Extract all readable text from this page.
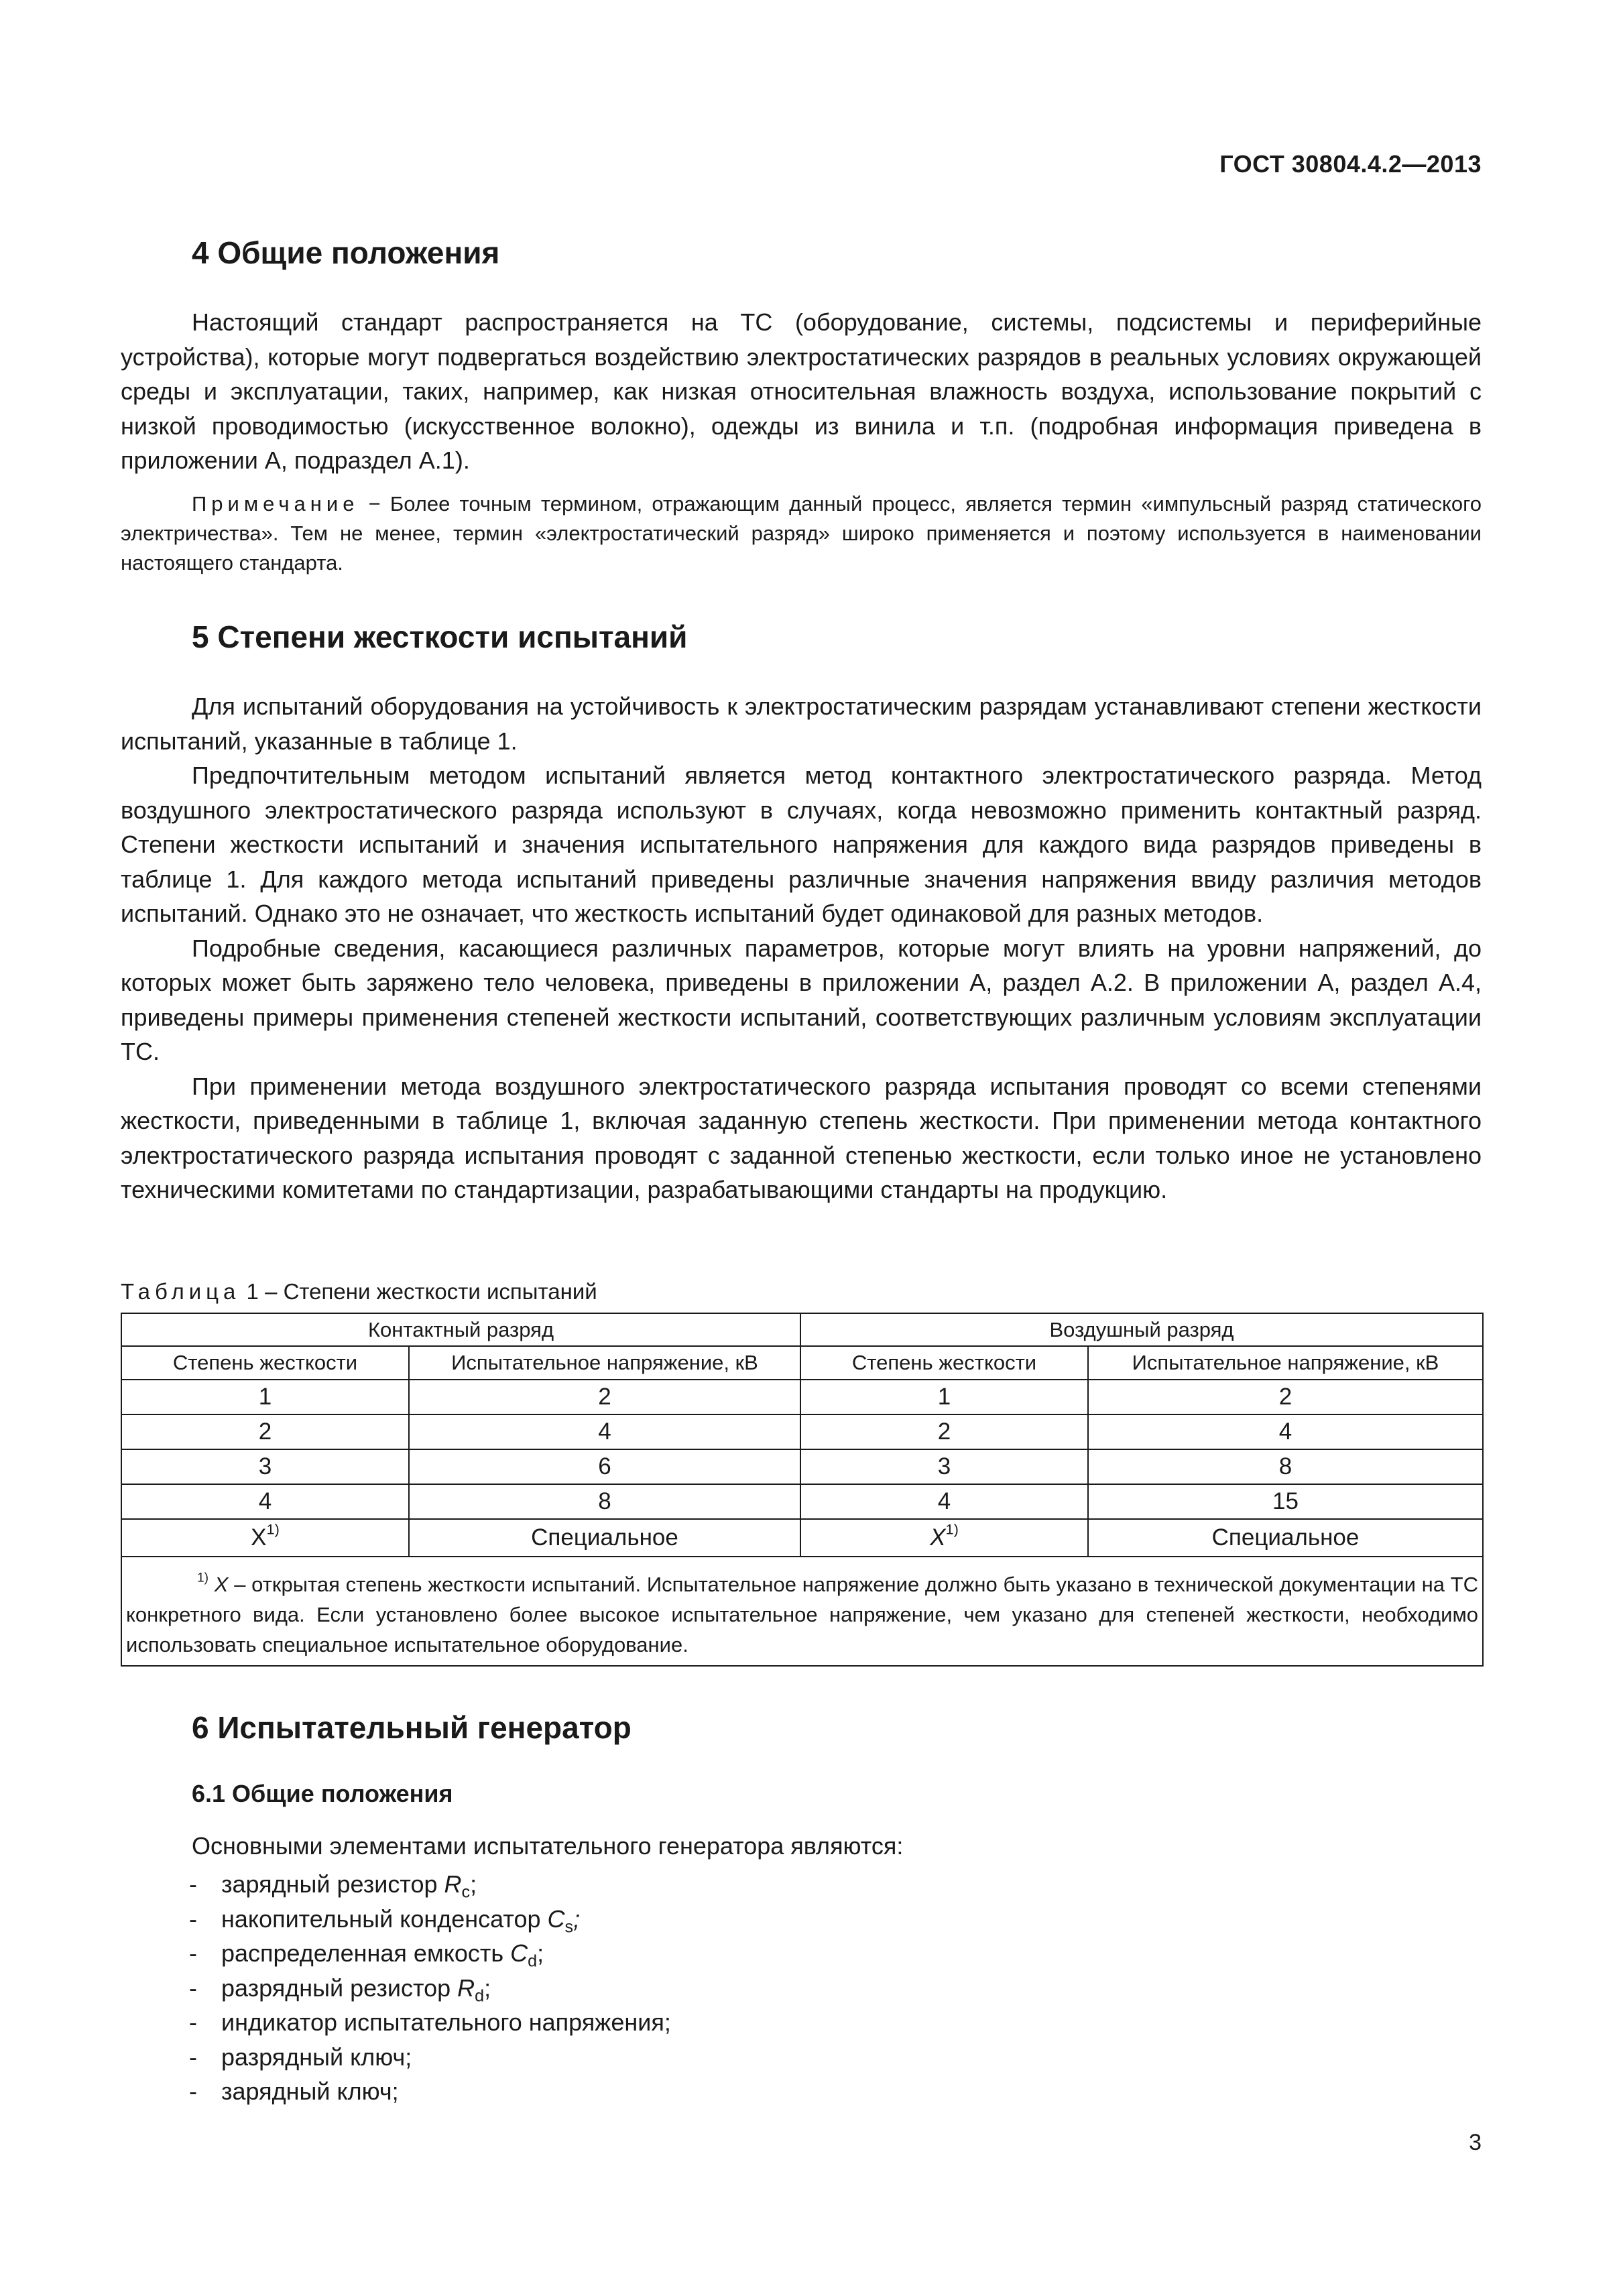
ГОСТ 30804.4.2—2013
4 Общие положения

Настоящий стандарт распространяется на ТС (оборудование, системы, подсистемы и периферийные устройства), которые могут подвергаться воздействию электростатических разрядов в реальных условиях окружающей среды и эксплуатации, таких, например, как низкая относительная влажность воздуха, использование покрытий с низкой проводимостью (искусственное волокно), одежды из винила и т.п. (подробная информация приведена в приложении А, подраздел А.1).

Примечание − Более точным термином, отражающим данный процесс, является термин «импульсный разряд статического электричества». Тем не менее, термин «электростатический разряд» широко применяется и поэтому используется в наименовании настоящего стандарта.

5 Степени жесткости испытаний

Для испытаний оборудования на устойчивость к электростатическим разрядам устанавливают степени жесткости испытаний, указанные в таблице 1.

Предпочтительным методом испытаний является метод контактного электростатического разряда. Метод воздушного электростатического разряда используют в случаях, когда невозможно применить контактный разряд. Степени жесткости испытаний и значения испытательного напряжения для каждого вида разрядов приведены в таблице 1. Для каждого метода испытаний приведены различные значения напряжения ввиду различия методов испытаний. Однако это не означает, что жесткость испытаний будет одинаковой для разных методов.

Подробные сведения, касающиеся различных параметров, которые могут влиять на уровни напряжений, до которых может быть заряжено тело человека, приведены в приложении А, раздел А.2. В приложении А, раздел А.4, приведены примеры применения степеней жесткости испытаний, соответствующих различным условиям эксплуатации ТС.

При применении метода воздушного электростатического разряда испытания проводят со всеми степенями жесткости, приведенными в таблице 1, включая заданную степень жесткости. При применении метода контактного электростатического разряда испытания проводят с заданной степенью жесткости, если только иное не установлено техническими комитетами по стандартизации, разрабатывающими стандарты на продукцию.

Таблица 1 – Степени жесткости испытаний
Контактный разряд		Воздушный разряд	
Степень жесткости	Испытательное напряжение, кВ	Степень жесткости	Испытательное напряжение, кВ
1	2	1	2
2	4	2	4
3	6	3	8
4	8	4	15
$X^{1)}$	Специальное	$X^{1)}$	Специальное

$^{1)}$ X – открытая степень жесткости испытаний. Испытательное напряжение должно быть указано в технической документации на ТС конкретного вида. Если установлено более высокое испытательное напряжение, чем указано для степеней жесткости, необходимо использовать специальное испытательное оборудование.			
6 Испытательный генератор
6.1 Общие положения
Основными элементами испытательного генератора являются:
- зарядный резистор $R_c$;
- накопительный конденсатор $C_s$;
- распределенная емкость $C_d$;
- разрядный резистор $R_d$;
- индикатор испытательного напряжения;
- разрядный ключ;
- зарядный ключ;
3
